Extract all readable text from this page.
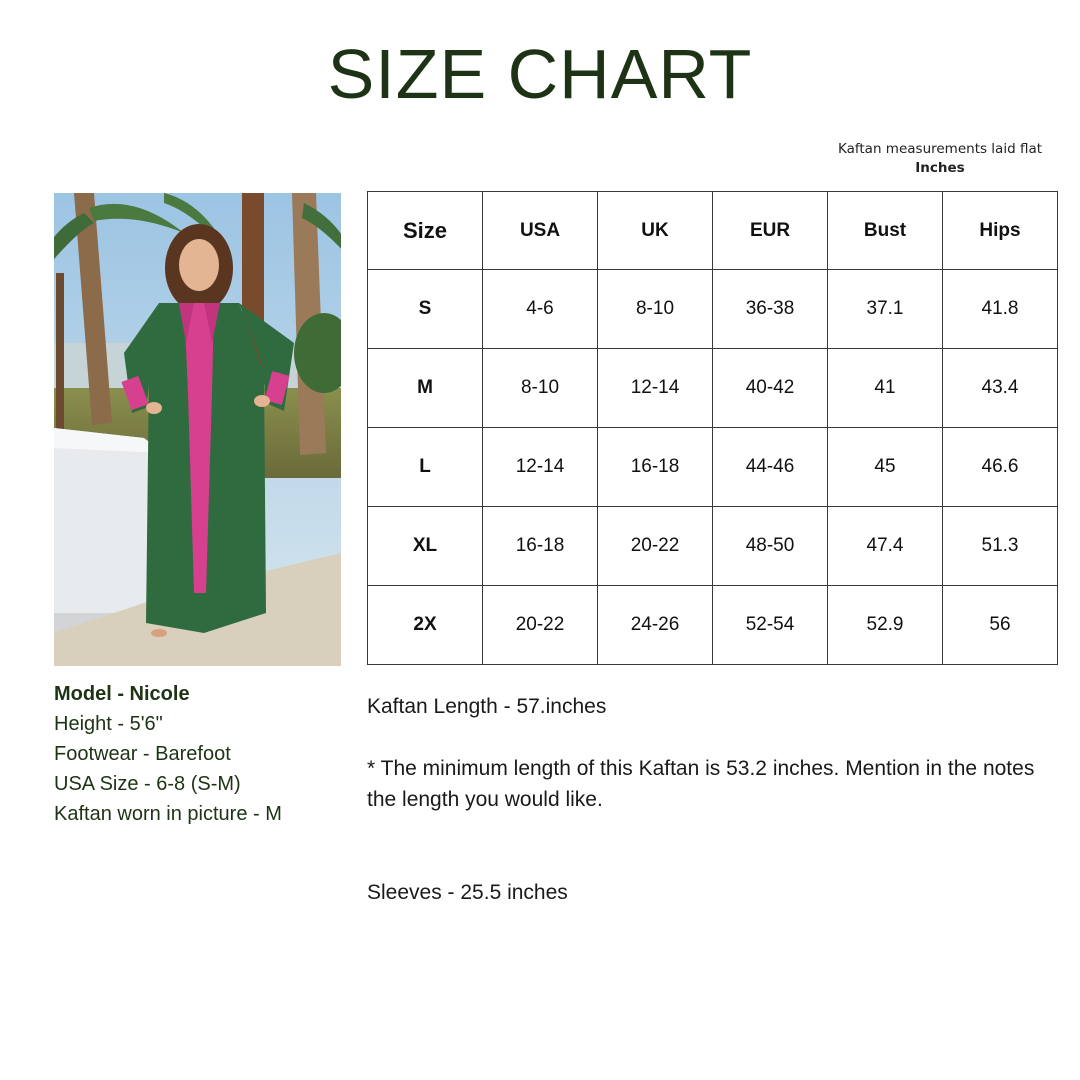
SIZE CHART
Kaftan measurements laid flat
Inches
Model - Nicole
Height - 5'6"
Footwear - Barefoot
USA Size - 6-8 (S-M)
Kaftan worn in picture - M
Size	USA	UK	EUR	Bust	Hips
S	4-6	8-10	36-38	37.1	41.8
M	8-10	12-14	40-42	41	43.4
L	12-14	16-18	44-46	45	46.6
XL	16-18	20-22	48-50	47.4	51.3
2X	20-22	24-26	52-54	52.9	56
Kaftan Length - 57.inches
* The minimum length of this Kaftan is 53.2 inches. Mention in the notes the length you would like.
Sleeves - 25.5 inches
